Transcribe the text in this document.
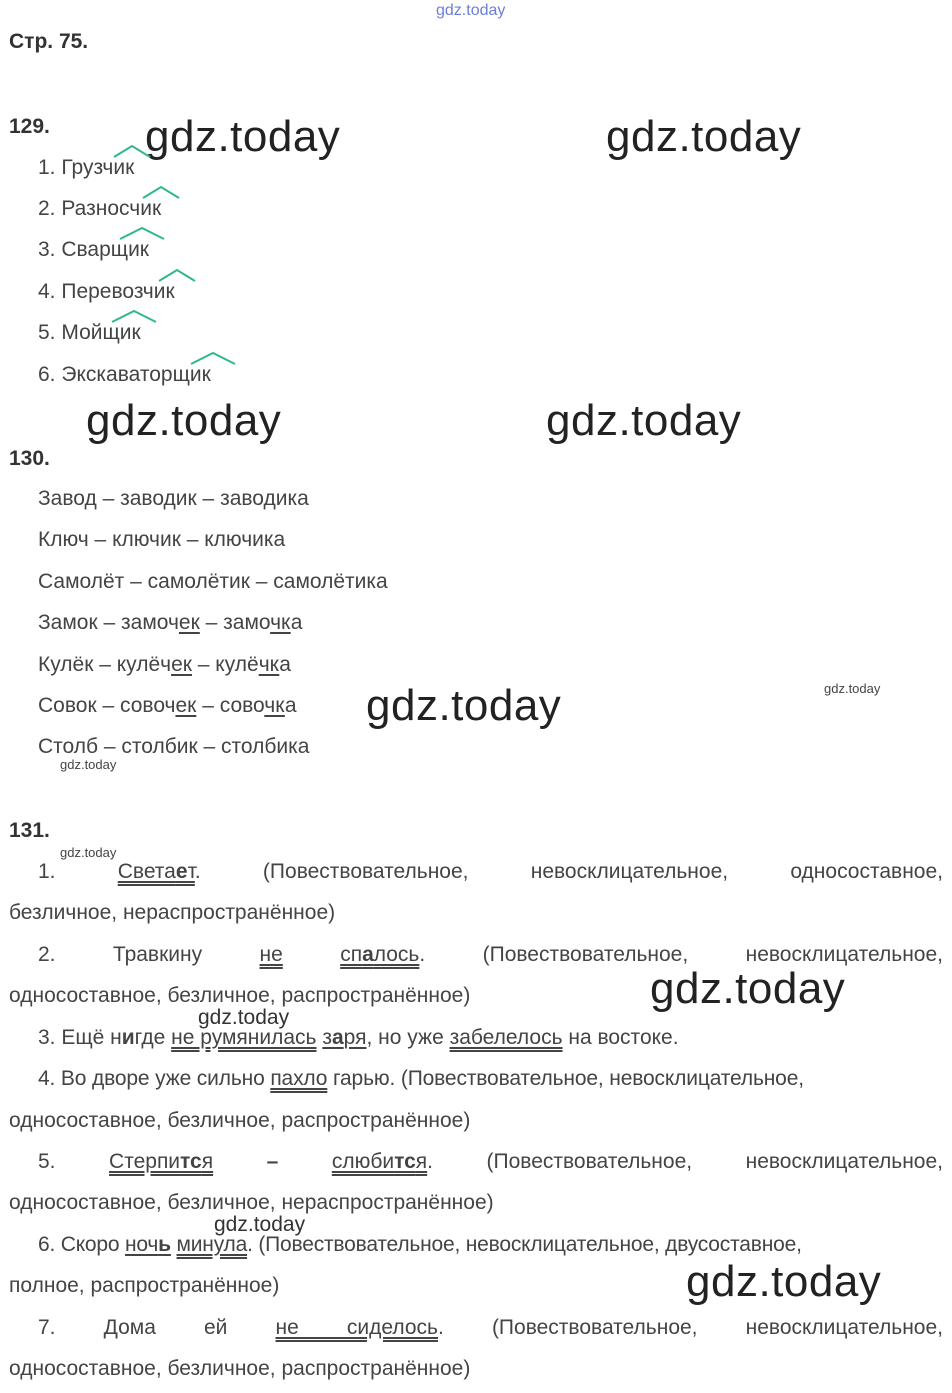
gdz.today
gdz.today	gdz.today
gdz.today	gdz.today
gdz.today	gdz.today
gdz.today
gdz.today
gdz.today
gdz.today
gdz.today
gdz.today
Стр. 75.
129.
1. Грузчик
2. Разносчик
3. Сварщик
4. Перевозчик
5. Мойщик
6. Экскаваторщик
130.
Завод – заводик – заводика
Ключ – ключик – ключика
Самолёт – самолётик – самолётика
Замок – замочек – замочка
Кулёк – кулёчек – кулёчка
Совок – совочек – совочка
Столб – столбик – столбика
131.
1.	Светает.	(Повествовательное,	невосклицательное,	односоставное,
безличное, нераспространённое)
2.	Травкину	не	спалось.	(Повествовательное,	невосклицательное,
односоставное, безличное, распространённое)
3. Ещё нигде не румянилась заря, но уже забелелось на востоке.
4. Во дворе уже сильно пахло гарью. (Повествовательное, невосклицательное,
односоставное, безличное, распространённое)
5.	Стерпится	–	слюбится.	(Повествовательное,	невосклицательное,
односоставное, безличное, нераспространённое)
6. Скоро ночь минула. (Повествовательное, невосклицательное, двусоставное,
полное, распространённое)
7. Дома ей не сиделось. (Повествовательное, невосклицательное,
односоставное, безличное, распространённое)
